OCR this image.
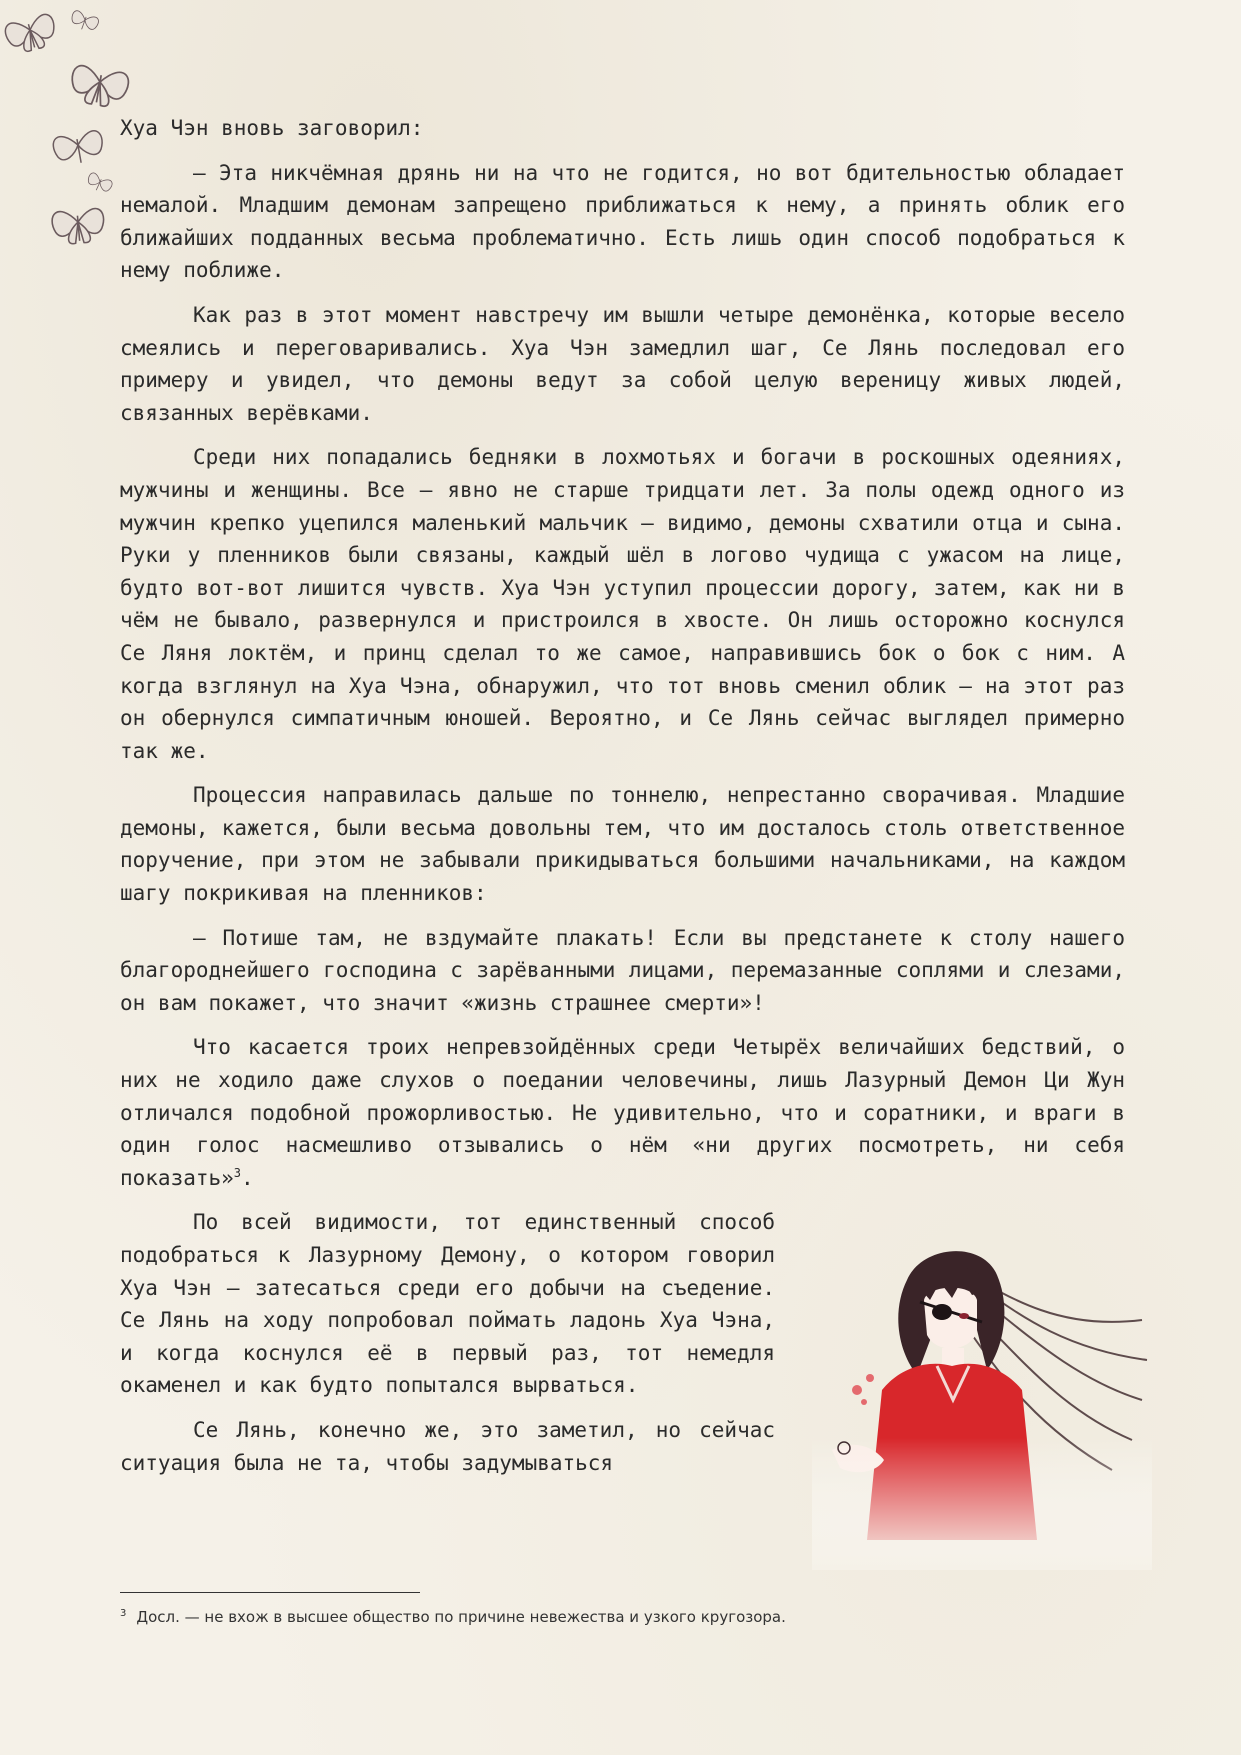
Хуа Чэн вновь заговорил:

— Эта никчёмная дрянь ни на что не годится, но вот бдительностью обладает немалой. Младшим демонам запрещено приближаться к нему, а принять облик его ближайших подданных весьма проблематично. Есть лишь один способ подобраться к нему поближе.

Как раз в этот момент навстречу им вышли четыре демонёнка, которые весело смеялись и переговаривались. Хуа Чэн замедлил шаг, Се Лянь последовал его примеру и увидел, что демоны ведут за собой целую вереницу живых людей, связанных верёвками.

Среди них попадались бедняки в лохмотьях и богачи в роскошных одеяниях, мужчины и женщины. Все — явно не старше тридцати лет. За полы одежд одного из мужчин крепко уцепился маленький мальчик — видимо, демоны схватили отца и сына. Руки у пленников были связаны, каждый шёл в логово чудища с ужасом на лице, будто вот-вот лишится чувств. Хуа Чэн уступил процессии дорогу, затем, как ни в чём не бывало, развернулся и пристроился в хвосте. Он лишь осторожно коснулся Се Ляня локтём, и принц сделал то же самое, направившись бок о бок с ним. А когда взглянул на Хуа Чэна, обнаружил, что тот вновь сменил облик — на этот раз он обернулся симпатичным юношей. Вероятно, и Се Лянь сейчас выглядел примерно так же.

Процессия направилась дальше по тоннелю, непрестанно сворачивая. Младшие демоны, кажется, были весьма довольны тем, что им досталось столь ответственное поручение, при этом не забывали прикидываться большими начальниками, на каждом шагу покрикивая на пленников:

— Потише там, не вздумайте плакать! Если вы предстанете к столу нашего благороднейшего господина с зарёванными лицами, перемазанные соплями и слезами, он вам покажет, что значит «жизнь страшнее смерти»!

Что касается троих непревзойдённых среди Четырёх величайших бедствий, о них не ходило даже слухов о поедании человечины, лишь Лазурный Демон Ци Жун отличался подобной прожорливостью. Не удивительно, что и соратники, и враги в один голос насмешливо отзывались о нём «ни других посмотреть, ни себя показать»$^3$.

По всей видимости, тот единственный способ подобраться к Лазурному Демону, о котором говорил Хуа Чэн — затесаться среди его добычи на съедение. Се Лянь на ходу попробовал поймать ладонь Хуа Чэна, и когда коснулся её в первый раз, тот немедля окаменел и как будто попытался вырваться.

Се Лянь, конечно же, это заметил, но сейчас ситуация была не та, чтобы задумываться

$^3$ Досл. — не вхож в высшее общество по причине невежества и узкого кругозора.
